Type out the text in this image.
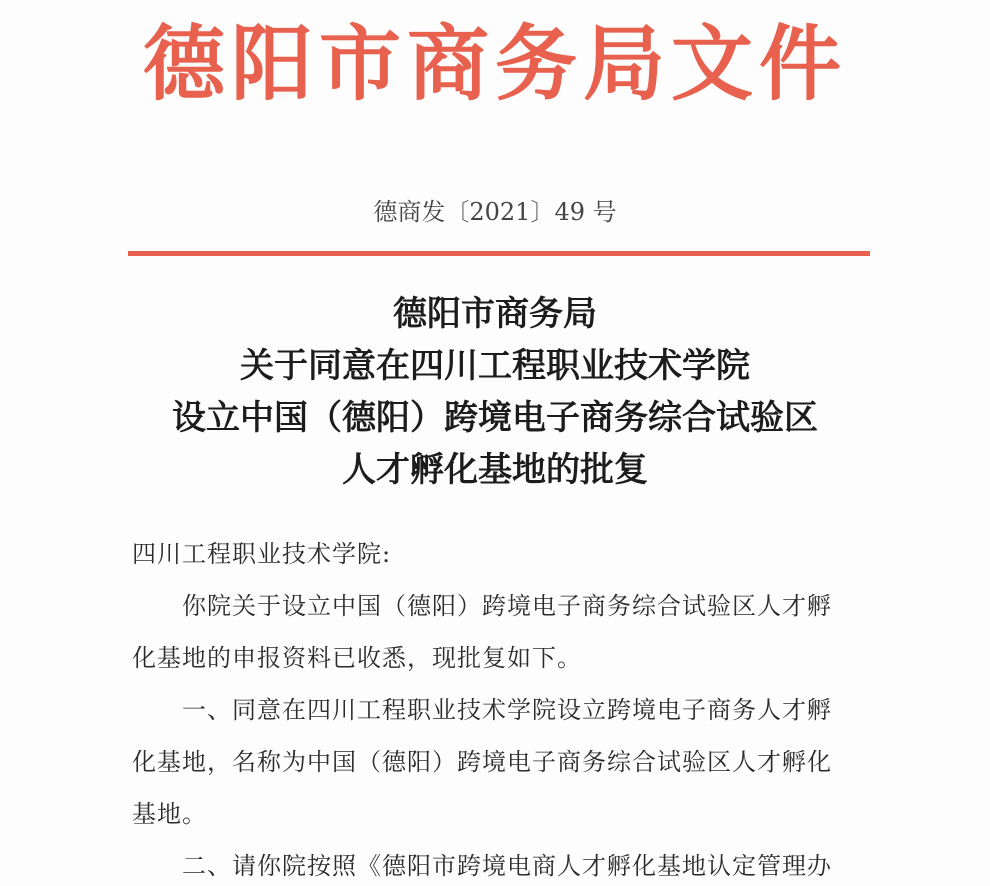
德阳市商务局文件
德商发〔2021〕49 号
德阳市商务局
关于同意在四川工程职业技术学院
设立中国（德阳）跨境电子商务综合试验区
人才孵化基地的批复
四川工程职业技术学院:
你院关于设立中国（德阳）跨境电子商务综合试验区人才孵
化基地的申报资料已收悉，现批复如下。
一、同意在四川工程职业技术学院设立跨境电子商务人才孵
化基地，名称为中国（德阳）跨境电子商务综合试验区人才孵化
基地。
二、请你院按照《德阳市跨境电商人才孵化基地认定管理办
